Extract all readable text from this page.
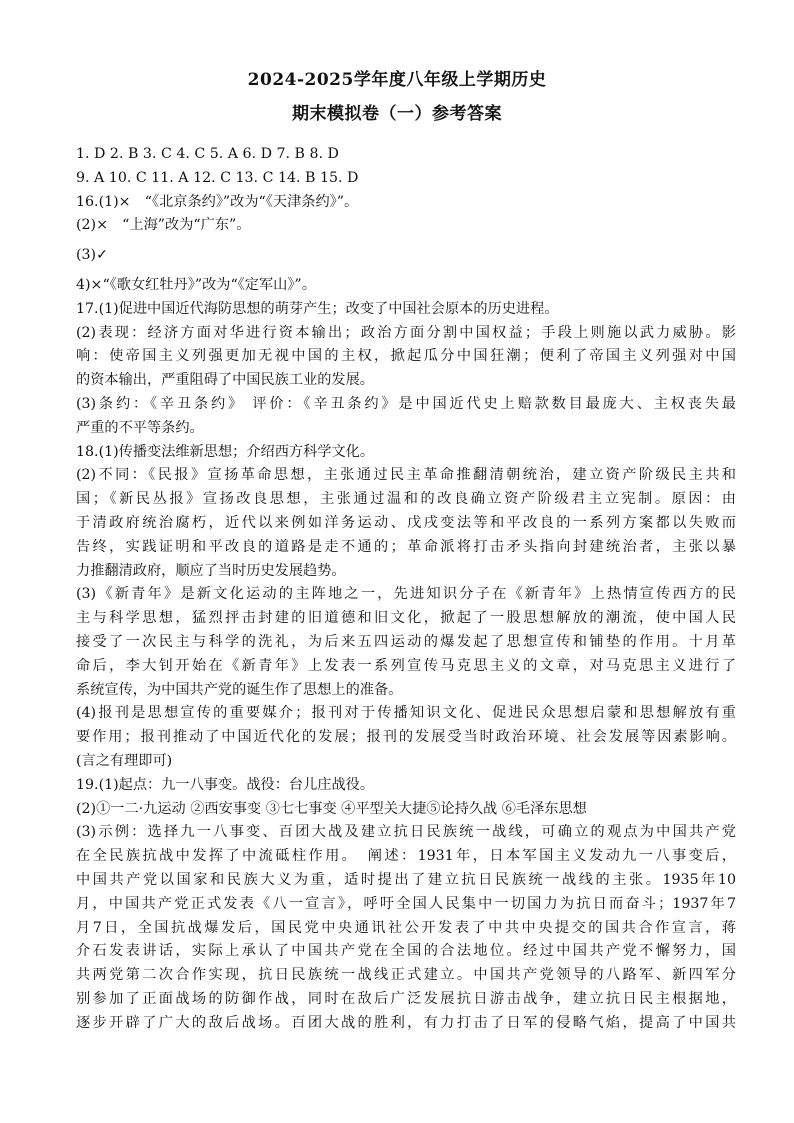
2024-2025学年度八年级上学期历史
期末模拟卷（一）参考答案
1. D 2. B 3. C 4. C 5. A 6. D 7. B 8. D
9. A 10. C 11. A 12. C 13. C 14. B 15. D
16.(1)×　“《北京条约》”改为“《天津条约》”。
(2)×　“上海”改为“广东”。
(3)✓
4)×“《歌女红牡丹》”改为“《定军山》”。
17.(1)促进中国近代海防思想的萌芽产生；改变了中国社会原本的历史进程。
(2)表现：经济方面对华进行资本输出；政治方面分割中国权益；手段上则施以武力威胁。影
响：使帝国主义列强更加无视中国的主权，掀起瓜分中国狂潮；便利了帝国主义列强对中国
的资本输出，严重阻碍了中国民族工业的发展。
(3)条约：《辛丑条约》 评价：《辛丑条约》是中国近代史上赔款数目最庞大、主权丧失最
严重的不平等条约。
18.(1)传播变法维新思想；介绍西方科学文化。
(2)不同：《民报》宣扬革命思想，主张通过民主革命推翻清朝统治，建立资产阶级民主共和
国；《新民丛报》宣扬改良思想，主张通过温和的改良确立资产阶级君主立宪制。原因：由
于清政府统治腐朽，近代以来例如洋务运动、戊戌变法等和平改良的一系列方案都以失败而
告终，实践证明和平改良的道路是走不通的；革命派将打击矛头指向封建统治者，主张以暴
力推翻清政府，顺应了当时历史发展趋势。
(3)《新青年》是新文化运动的主阵地之一，先进知识分子在《新青年》上热情宣传西方的民
主与科学思想，猛烈抨击封建的旧道德和旧文化，掀起了一股思想解放的潮流，使中国人民
接受了一次民主与科学的洗礼，为后来五四运动的爆发起了思想宣传和铺垫的作用。十月革
命后，李大钊开始在《新青年》上发表一系列宣传马克思主义的文章，对马克思主义进行了
系统宣传，为中国共产党的诞生作了思想上的准备。
(4)报刊是思想宣传的重要媒介；报刊对于传播知识文化、促进民众思想启蒙和思想解放有重
要作用；报刊推动了中国近代化的发展；报刊的发展受当时政治环境、社会发展等因素影响。
(言之有理即可)
19.(1)起点：九一八事变。战役：台儿庄战役。
(2)①一二·九运动 ②西安事变 ③七七事变 ④平型关大捷⑤论持久战 ⑥毛泽东思想
(3)示例：选择九一八事变、百团大战及建立抗日民族统一战线，可确立的观点为中国共产党
在全民族抗战中发挥了中流砥柱作用。　阐述：1931年，日本军国主义发动九一八事变后，
中国共产党以国家和民族大义为重，适时提出了建立抗日民族统一战线的主张。1935年10
月，中国共产党正式发表《八一宣言》，呼吁全国人民集中一切国力为抗日而奋斗；1937年7
月7日，全国抗战爆发后，国民党中央通讯社公开发表了中共中央提交的国共合作宣言，蒋
介石发表讲话，实际上承认了中国共产党在全国的合法地位。经过中国共产党不懈努力，国
共两党第二次合作实现，抗日民族统一战线正式建立。中国共产党领导的八路军、新四军分
别参加了正面战场的防御作战，同时在敌后广泛发展抗日游击战争，建立抗日民主根据地，
逐步开辟了广大的敌后战场。百团大战的胜利，有力打击了日军的侵略气焰，提高了中国共
